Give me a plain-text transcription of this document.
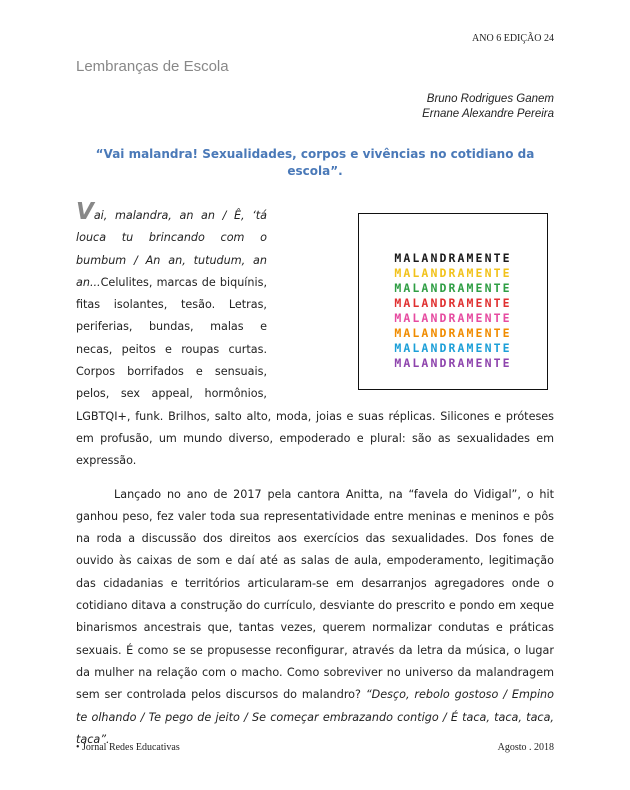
ANO 6 EDIÇÃO 24
Lembranças de Escola
Bruno Rodrigues Ganem
Ernane Alexandre Pereira
“Vai malandra! Sexualidades, corpos e vivências no cotidiano da escola”.
MALANDRAMENTE
MALANDRAMENTE
MALANDRAMENTE
MALANDRAMENTE
MALANDRAMENTE
MALANDRAMENTE
MALANDRAMENTE
MALANDRAMENTE

Vai, malandra, an an / Ê, ‘tá louca tu brincando com o bumbum / An an, tutudum, an an...Celulites, marcas de biquínis, fitas isolantes, tesão. Letras, periferias, bundas, malas e necas, peitos e roupas curtas. Corpos borrifados e sensuais, pelos, sex appeal, hormônios, LGBTQI+, funk. Brilhos, salto alto, moda, joias e suas réplicas. Silicones e próteses em profusão, um mundo diverso, empoderado e plural: são as sexualidades em expressão.

Lançado no ano de 2017 pela cantora Anitta, na “favela do Vidigal”, o hit ganhou peso, fez valer toda sua representatividade entre meninas e meninos e pôs na roda a discussão dos direitos aos exercícios das sexualidades. Dos fones de ouvido às caixas de som e daí até as salas de aula, empoderamento, legitimação das cidadanias e territórios articularam-se em desarranjos agregadores onde o cotidiano ditava a construção do currículo, desviante do prescrito e pondo em xeque binarismos ancestrais que, tantas vezes, querem normalizar condutas e práticas sexuais. É como se se propusesse reconfigurar, através da letra da música, o lugar da mulher na relação com o macho. Como sobreviver no universo da malandragem sem ser controlada pelos discursos do malandro? “Desço, rebolo gostoso / Empino te olhando / Te pego de jeito / Se começar embrazando contigo / É taca, taca, taca, taca”.

• Jornal Redes Educativas	Agosto . 2018
